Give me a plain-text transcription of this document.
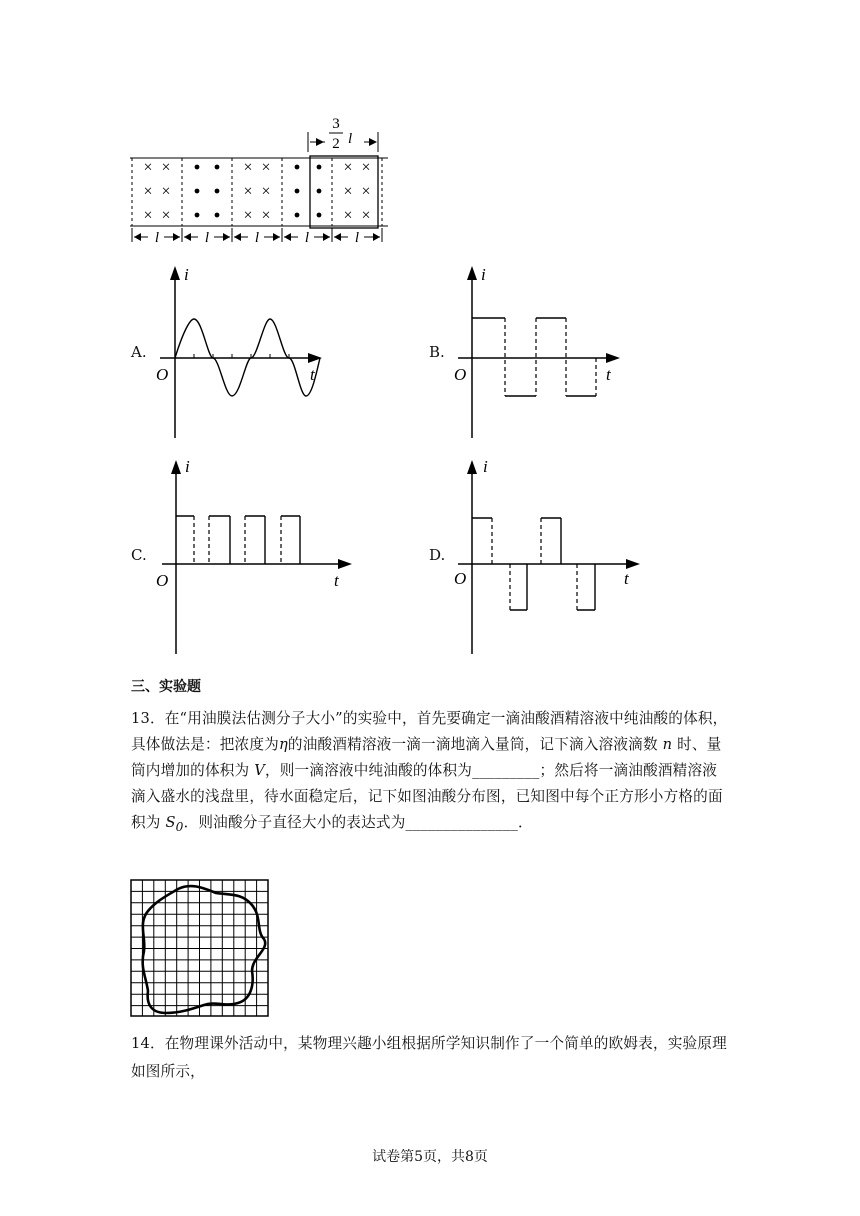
3
2 l
× ×
× ×
× ×
× ×
× ×
× ×
× ×
× ×
× ×
l	l	l	l	l
A.
i
t
O
B.
i
t
O
C.
i
t
O
D.
i
t
O
三、实验题
13．在“用油膜法估测分子大小”的实验中，首先要确定一滴油酸酒精溶液中纯油酸的体积，
具体做法是：把浓度为η的油酸酒精溶液一滴一滴地滴入量筒，记下滴入溶液滴数 n 时、量
筒内增加的体积为 V，则一滴溶液中纯油酸的体积为_________；然后将一滴油酸酒精溶液
滴入盛水的浅盘里，待水面稳定后，记下如图油酸分布图，已知图中每个正方形小方格的面
积为 $S_0$．则油酸分子直径大小的表达式为_______________．
14．在物理课外活动中，某物理兴趣小组根据所学知识制作了一个简单的欧姆表，实验原理
如图所示，
试卷第5页，共8页
